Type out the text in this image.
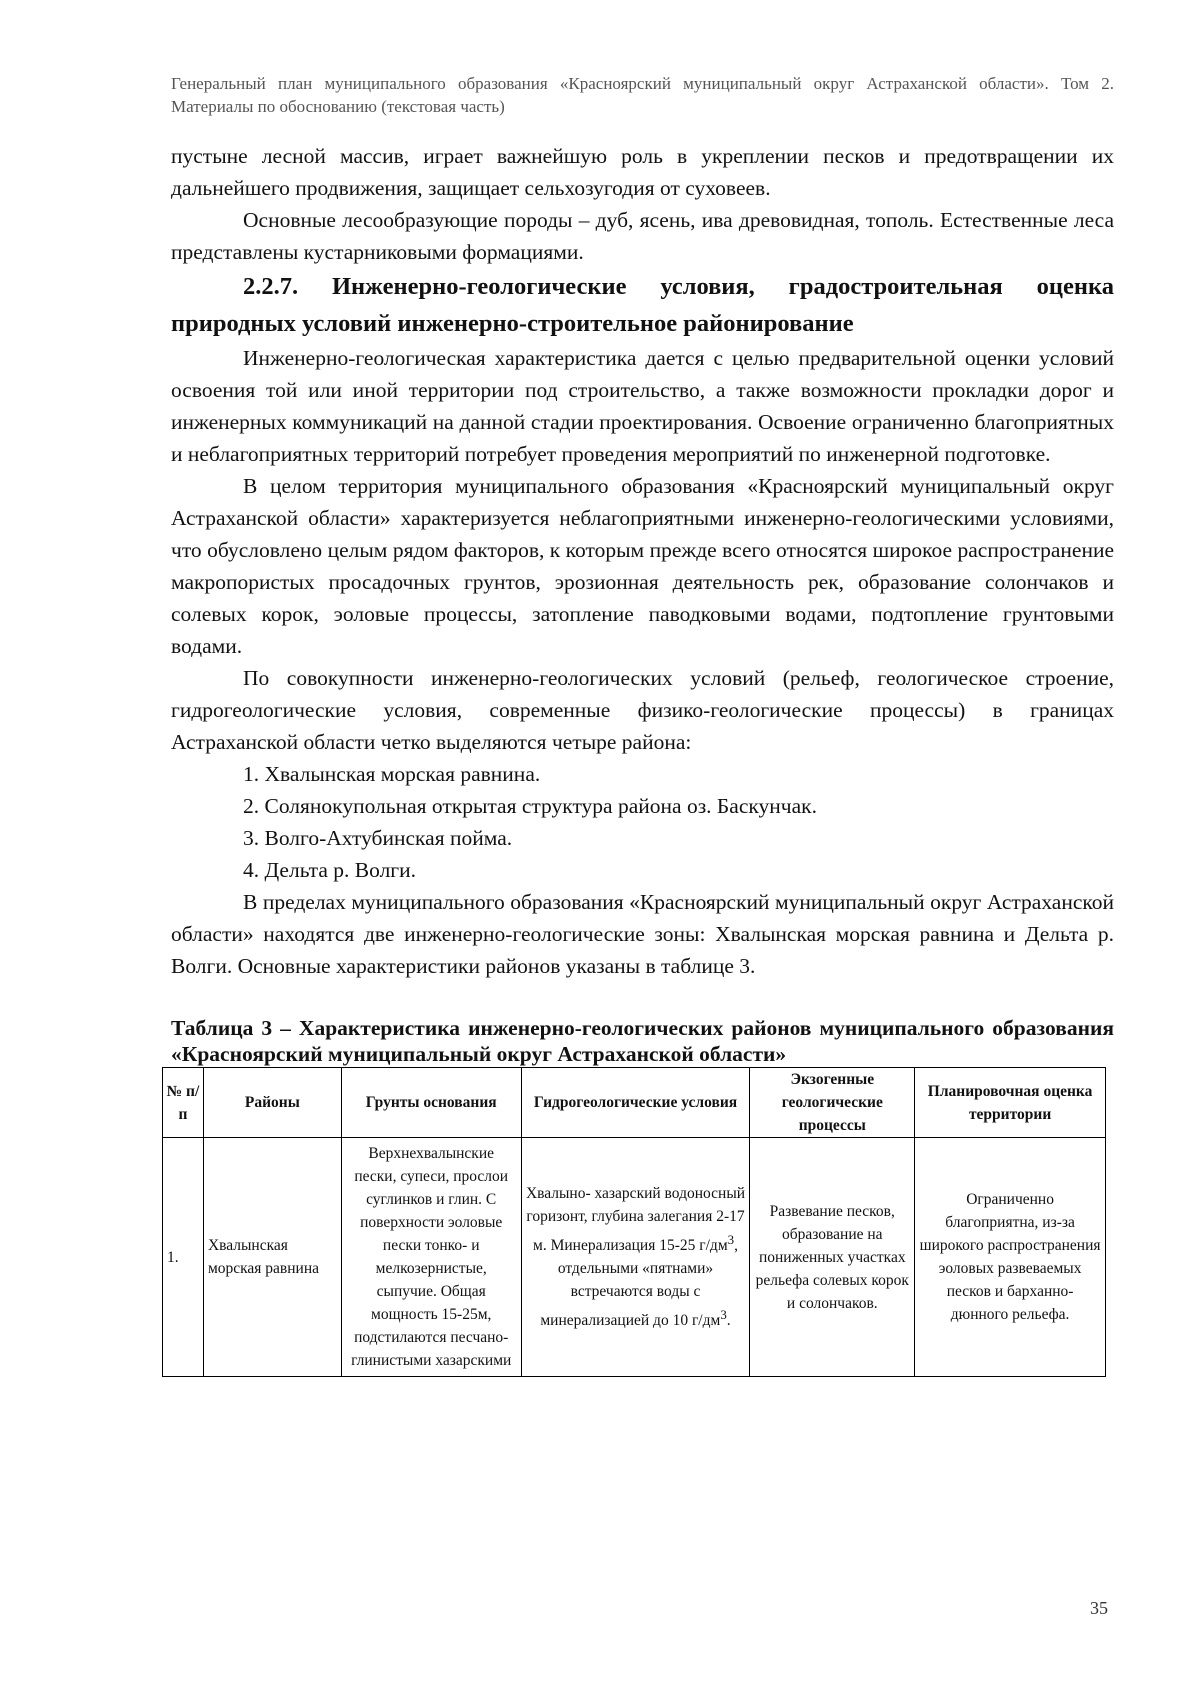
Генеральный план муниципального образования «Красноярский муниципальный округ Астраханской области». Том 2. Материалы по обоснованию (текстовая часть)

пустыне лесной массив, играет важнейшую роль в укреплении песков и предотвращении их дальнейшего продвижения, защищает сельхозугодия от суховеев.

Основные лесообразующие породы – дуб, ясень, ива древовидная, тополь. Естественные леса представлены кустарниковыми формациями.

2.2.7. Инженерно-геологические условия, градостроительная оценка природных условий инженерно-строительное районирование

Инженерно-геологическая характеристика дается с целью предварительной оценки условий освоения той или иной территории под строительство, а также возможности прокладки дорог и инженерных коммуникаций на данной стадии проектирования. Освоение ограниченно благоприятных и неблагоприятных территорий потребует проведения мероприятий по инженерной подготовке.

В целом территория муниципального образования «Красноярский муниципальный округ Астраханской области» характеризуется неблагоприятными инженерно-геологическими условиями, что обусловлено целым рядом факторов, к которым прежде всего относятся широкое распространение макропористых просадочных грунтов, эрозионная деятельность рек, образование солончаков и солевых корок, эоловые процессы, затопление паводковыми водами, подтопление грунтовыми водами.

По совокупности инженерно-геологических условий (рельеф, геологическое строение, гидрогеологические условия, современные физико-геологические процессы) в границах Астраханской области четко выделяются четыре района:

1. Хвалынская морская равнина.

2. Солянокупольная открытая структура района оз. Баскунчак.

3. Волго-Ахтубинская пойма.

4. Дельта р. Волги.

В пределах муниципального образования «Красноярский муниципальный округ Астраханской области» находятся две инженерно-геологические зоны: Хвалынская морская равнина и Дельта р. Волги. Основные характеристики районов указаны в таблице 3.

Таблица 3 – Характеристика инженерно-геологических районов муниципального образования «Красноярский муниципальный округ Астраханской области»

№ п/п	Районы	Грунты основания	Гидрогеологические условия	Экзогенные геологические процессы	Планировочная оценка территории
1.	Хвалынская морская равнина	Верхнехвалынские пески, супеси, прослои суглинков и глин. С поверхности эоловые пески тонко- и мелкозернистые, сыпучие. Общая мощность 15-25м, подстилаются песчано-глинистыми хазарскими	Хвалыно- хазарский водоносный горизонт, глубина залегания 2-17 м. Минерализация 15-25 $г/дм^3$, отдельными «пятнами» встречаются воды с минерализацией до 10 $г/дм^3$.	Развевание песков, образование на пониженных участках рельефа солевых корок и солончаков.	Ограниченно благоприятна, из-за широкого распространения эоловых развеваемых песков и барханно-дюнного рельефа.
35
